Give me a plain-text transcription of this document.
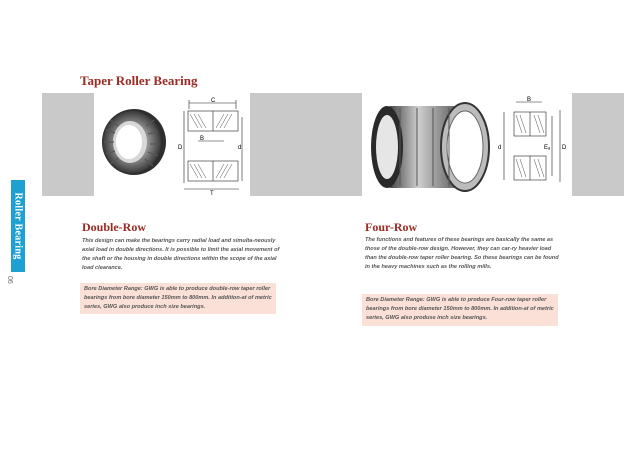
Taper Roller Bearing
C
B
D	d
T
B
d	Eₐ D
Roller Bearing
06
Double-Row

This design can make the bearings carry radial load and simulta-neously axial load in double directions. It is possible to limit the axial movement of the shaft or the housing in double directions within the scope of the axial load clearance.

Bore Diameter Range: GWG is able to produce double-row taper roller bearings from bore diameter 150mm to 800mm. In addition-at of metric series, GWG also produce inch size bearings.

Four-Row

The functions and features of these bearings are basically the same as those of the double-row design. However, they can car-ry heavier load than the double-row taper roller bearing. So these bearings can be found in the heavy machines such as the rolling mills.

Bore Diameter Range: GWG is able to produce Four-row taper roller bearings from bore diameter 150mm to 800mm. In addition-at of metric series, GWG also produse inch size bearings.
